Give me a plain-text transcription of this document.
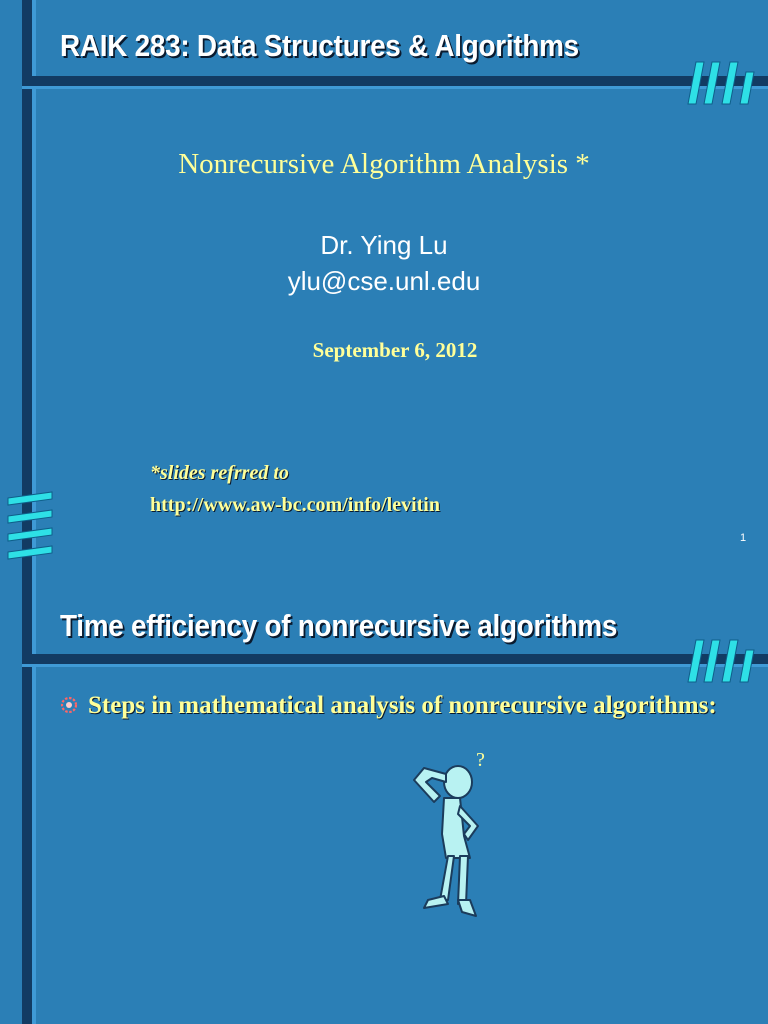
RAIK 283: Data Structures & Algorithms
Nonrecursive Algorithm Analysis *
Dr. Ying Lu
ylu@cse.unl.edu
September 6, 2012
*slides refrred to
http://www.aw-bc.com/info/levitin
1
Time efficiency of nonrecursive algorithms
Steps in mathematical analysis of nonrecursive algorithms:
?
